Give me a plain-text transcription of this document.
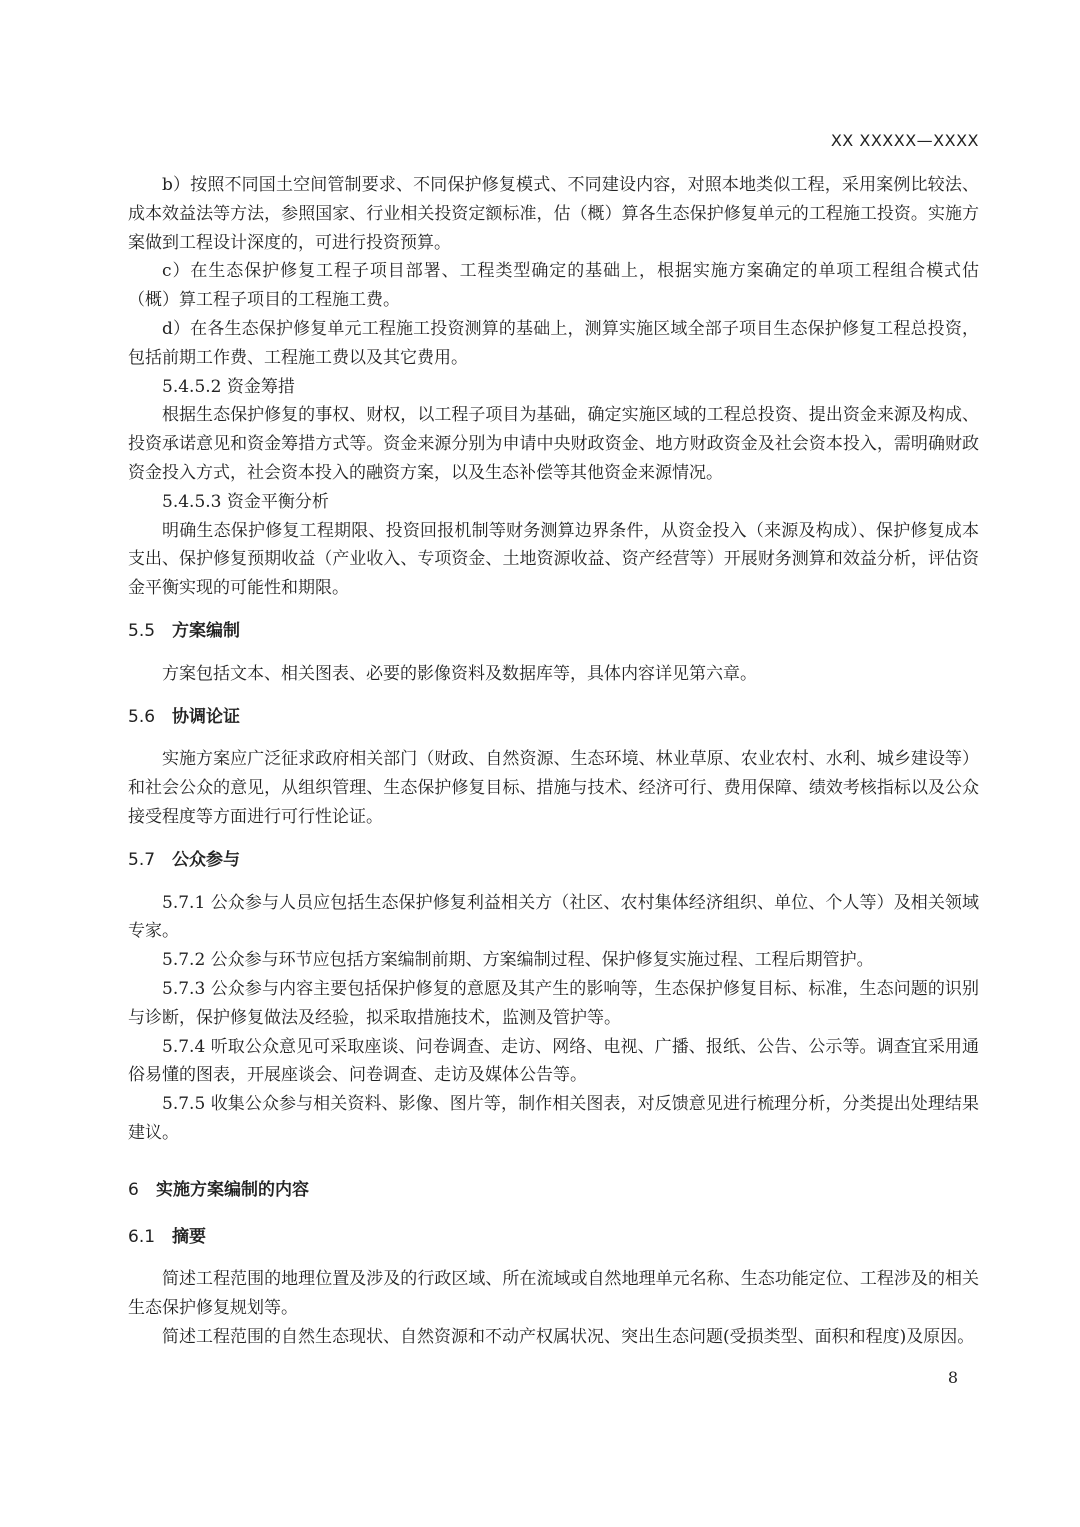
XX XXXXX—XXXX

b）按照不同国土空间管制要求、不同保护修复模式、不同建设内容，对照本地类似工程，采用案例比较法、成本效益法等方法，参照国家、行业相关投资定额标准，估（概）算各生态保护修复单元的工程施工投资。实施方案做到工程设计深度的，可进行投资预算。

c）在生态保护修复工程子项目部署、工程类型确定的基础上，根据实施方案确定的单项工程组合模式估（概）算工程子项目的工程施工费。

d）在各生态保护修复单元工程施工投资测算的基础上，测算实施区域全部子项目生态保护修复工程总投资，包括前期工作费、工程施工费以及其它费用。

5.4.5.2 资金筹措

根据生态保护修复的事权、财权，以工程子项目为基础，确定实施区域的工程总投资、提出资金来源及构成、投资承诺意见和资金筹措方式等。资金来源分别为申请中央财政资金、地方财政资金及社会资本投入，需明确财政资金投入方式，社会资本投入的融资方案，以及生态补偿等其他资金来源情况。

5.4.5.3 资金平衡分析

明确生态保护修复工程期限、投资回报机制等财务测算边界条件，从资金投入（来源及构成）、保护修复成本支出、保护修复预期收益（产业收入、专项资金、土地资源收益、资产经营等）开展财务测算和效益分析，评估资金平衡实现的可能性和期限。

5.5 方案编制

方案包括文本、相关图表、必要的影像资料及数据库等，具体内容详见第六章。

5.6 协调论证

实施方案应广泛征求政府相关部门（财政、自然资源、生态环境、林业草原、农业农村、水利、城乡建设等）和社会公众的意见，从组织管理、生态保护修复目标、措施与技术、经济可行、费用保障、绩效考核指标以及公众接受程度等方面进行可行性论证。

5.7 公众参与

5.7.1 公众参与人员应包括生态保护修复利益相关方（社区、农村集体经济组织、单位、个人等）及相关领域专家。

5.7.2 公众参与环节应包括方案编制前期、方案编制过程、保护修复实施过程、工程后期管护。

5.7.3 公众参与内容主要包括保护修复的意愿及其产生的影响等，生态保护修复目标、标准，生态问题的识别与诊断，保护修复做法及经验，拟采取措施技术，监测及管护等。

5.7.4 听取公众意见可采取座谈、问卷调查、走访、网络、电视、广播、报纸、公告、公示等。调查宜采用通俗易懂的图表，开展座谈会、问卷调查、走访及媒体公告等。

5.7.5 收集公众参与相关资料、影像、图片等，制作相关图表，对反馈意见进行梳理分析，分类提出处理结果建议。

6 实施方案编制的内容
6.1 摘要

简述工程范围的地理位置及涉及的行政区域、所在流域或自然地理单元名称、生态功能定位、工程涉及的相关生态保护修复规划等。

简述工程范围的自然生态现状、自然资源和不动产权属状况、突出生态问题(受损类型、面积和程度)及原因。

8
